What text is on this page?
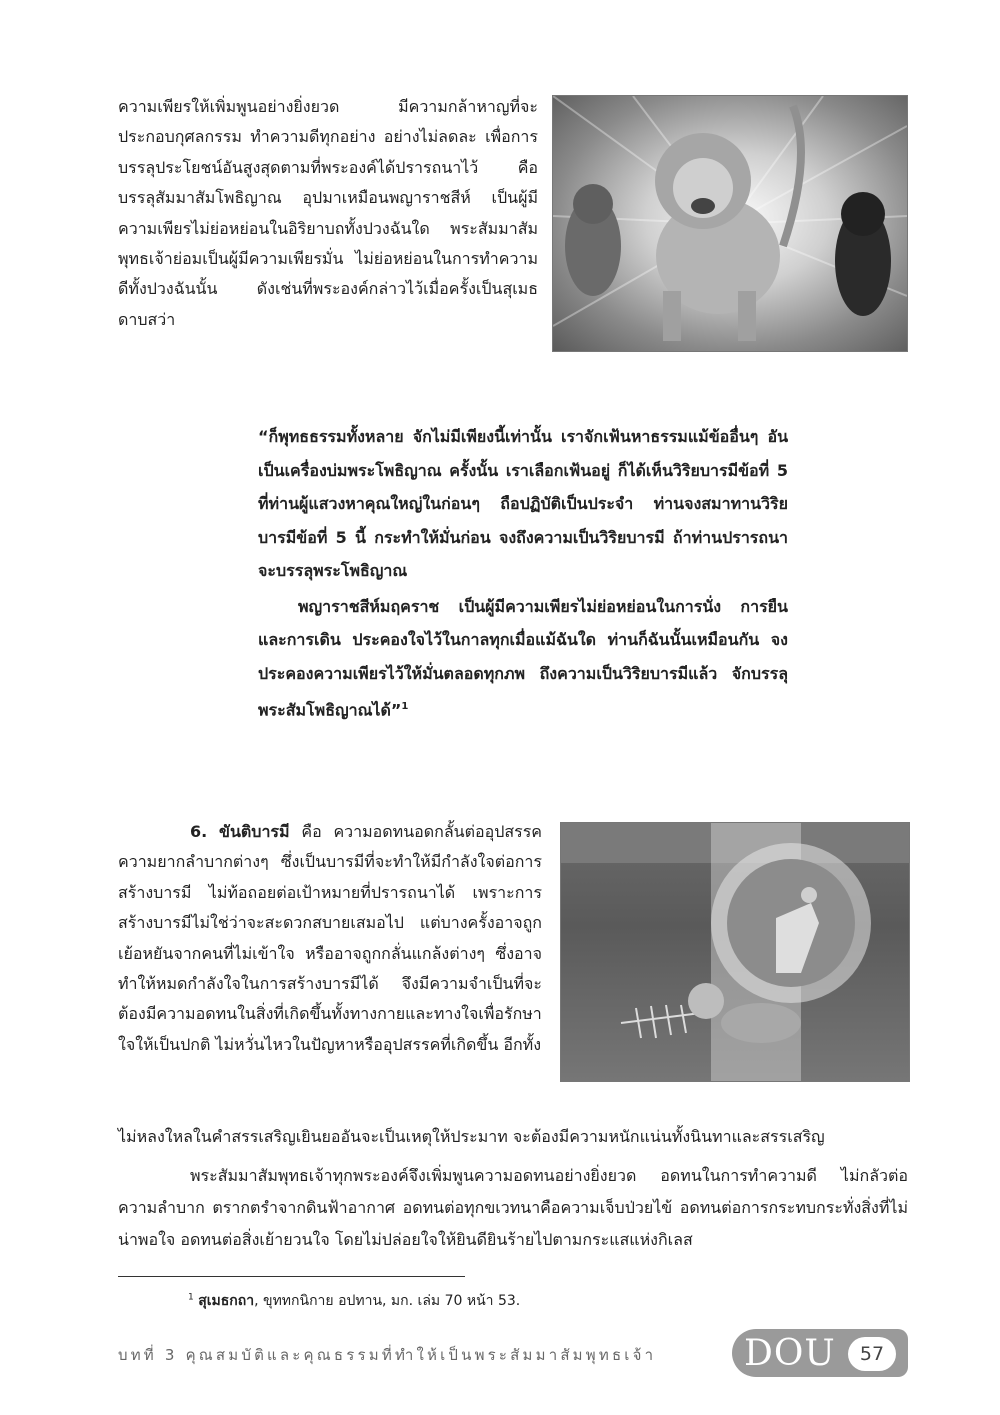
ความเพียรให้เพิ่มพูนอย่างยิ่งยวด มีความกล้าหาญที่จะประกอบกุศลกรรม ทำความดีทุกอย่าง อย่างไม่ลดละ เพื่อการบรรลุประโยชน์อันสูงสุดตามที่พระองค์ได้ปรารถนาไว้ คือ บรรลุสัมมาสัมโพธิญาณ อุปมาเหมือนพญาราชสีห์ เป็นผู้มีความเพียรไม่ย่อหย่อนในอิริยาบถทั้งปวงฉันใด พระสัมมาสัมพุทธเจ้าย่อมเป็นผู้มีความเพียรมั่น ไม่ย่อหย่อนในการทำความดีทั้งปวงฉันนั้น ดังเช่นที่พระองค์กล่าวไว้เมื่อครั้งเป็นสุเมธดาบสว่า

“ก็พุทธธรรมทั้งหลาย จักไม่มีเพียงนี้เท่านั้น เราจักเฟ้นหาธรรมแม้ข้ออื่นๆ อันเป็นเครื่องบ่มพระโพธิญาณ ครั้งนั้น เราเลือกเฟ้นอยู่ ก็ได้เห็นวิริยบารมีข้อที่ 5 ที่ท่านผู้แสวงหาคุณใหญ่ในก่อนๆ ถือปฏิบัติเป็นประจำ ท่านจงสมาทานวิริยบารมีข้อที่ 5 นี้ กระทำให้มั่นก่อน จงถึงความเป็นวิริยบารมี ถ้าท่านปรารถนาจะบรรลุพระโพธิญาณ

พญาราชสีห์มฤคราช เป็นผู้มีความเพียรไม่ย่อหย่อนในการนั่ง การยืน และการเดิน ประคองใจไว้ในกาลทุกเมื่อแม้ฉันใด ท่านก็ฉันนั้นเหมือนกัน จงประคองความเพียรไว้ให้มั่นตลอดทุกภพ ถึงความเป็นวิริยบารมีแล้ว จักบรรลุพระสัมโพธิญาณได้”$^1$

6. ขันติบารมี คือ ความอดทนอดกลั้นต่ออุปสรรคความยากลำบากต่างๆ ซึ่งเป็นบารมีที่จะทำให้มีกำลังใจต่อการสร้างบารมี ไม่ท้อถอยต่อเป้าหมายที่ปรารถนาได้ เพราะการสร้างบารมีไม่ใช่ว่าจะสะดวกสบายเสมอไป แต่บางครั้งอาจถูกเย้อหยันจากคนที่ไม่เข้าใจ หรืออาจถูกกลั่นแกล้งต่างๆ ซึ่งอาจทำให้หมดกำลังใจในการสร้างบารมีได้ จึงมีความจำเป็นที่จะต้องมีความอดทนในสิ่งที่เกิดขึ้นทั้งทางกายและทางใจเพื่อรักษาใจให้เป็นปกติ ไม่หวั่นไหวในปัญหาหรืออุปสรรคที่เกิดขึ้น อีกทั้ง
ไม่หลงใหลในคำสรรเสริญเยินยออันจะเป็นเหตุให้ประมาท จะต้องมีความหนักแน่นทั้งนินทาและสรรเสริญ
พระสัมมาสัมพุทธเจ้าทุกพระองค์จึงเพิ่มพูนความอดทนอย่างยิ่งยวด อดทนในการทำความดี ไม่กลัวต่อความลำบาก ตรากตรำจากดินฟ้าอากาศ อดทนต่อทุกขเวทนาคือความเจ็บป่วยไข้ อดทนต่อการกระทบกระทั่งสิ่งที่ไม่น่าพอใจ อดทนต่อสิ่งเย้ายวนใจ โดยไม่ปล่อยใจให้ยินดียินร้ายไปตามกระแสแห่งกิเลส
$^1$ สุเมธกถา, ขุททกนิกาย อปทาน, มก. เล่ม 70 หน้า 53.
บทที่ 3 คุณสมบัติและคุณธรรมที่ทำให้เป็นพระสัมมาสัมพุทธเจ้า DOU	57
